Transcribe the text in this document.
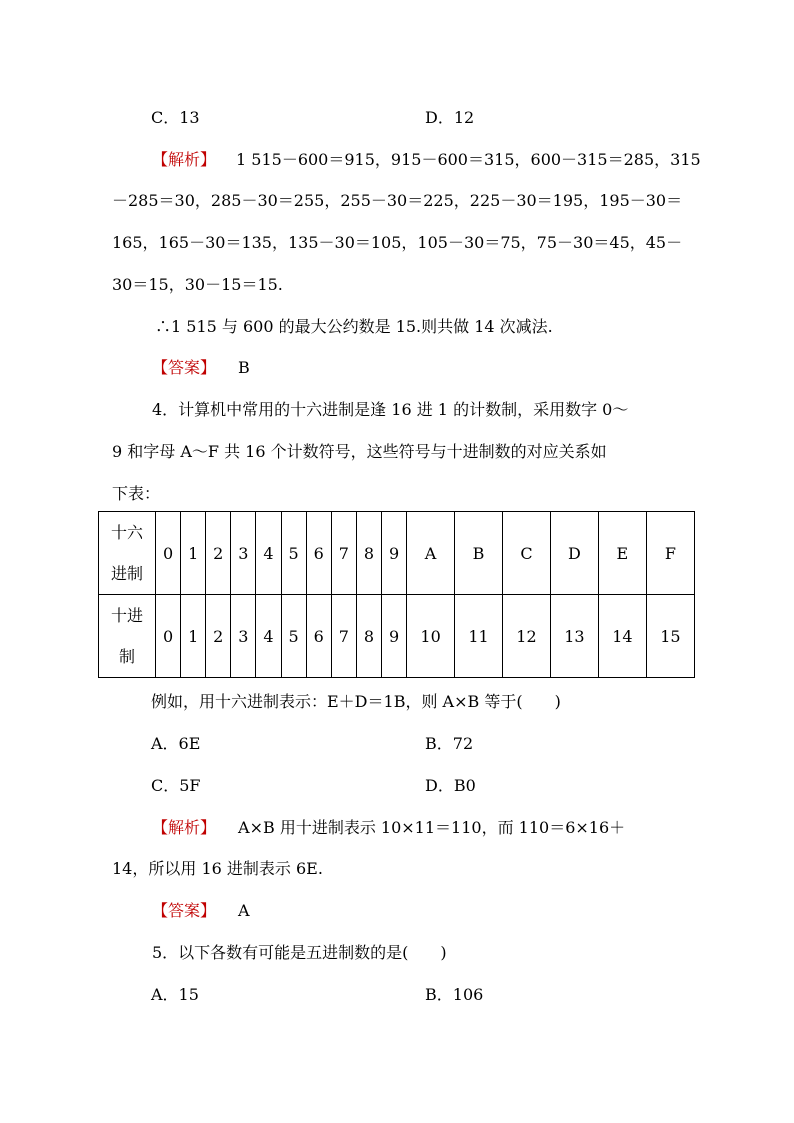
C．13	D．12
【解析】 1 515－600＝915，915－600＝315，600－315＝285，315
－285＝30，285－30＝255，255－30＝225，225－30＝195，195－30＝
165，165－30＝135，135－30＝105，105－30＝75，75－30＝45，45－
30＝15，30－15＝15.
∴1 515 与 600 的最大公约数是 15.则共做 14 次减法.
【答案】 B
4．计算机中常用的十六进制是逢 16 进 1 的计数制，采用数字 0～
9 和字母 A～F 共 16 个计数符号，这些符号与十进制数的对应关系如
下表：
十六
进制	0	1	2	3	4	5	6	7	8	9	A	B	C	D	E	F
十进
制	0	1	2	3	4	5	6	7	8	9	10	11	12	13	14	15
例如，用十六进制表示：E＋D＝1B，则 A×B 等于(　　)
A．6E	B．72
C．5F	D．B0
【解析】 A×B 用十进制表示 10×11＝110，而 110＝6×16＋
14，所以用 16 进制表示 6E.
【答案】 A
5．以下各数有可能是五进制数的是(　　)
A．15	B．106
